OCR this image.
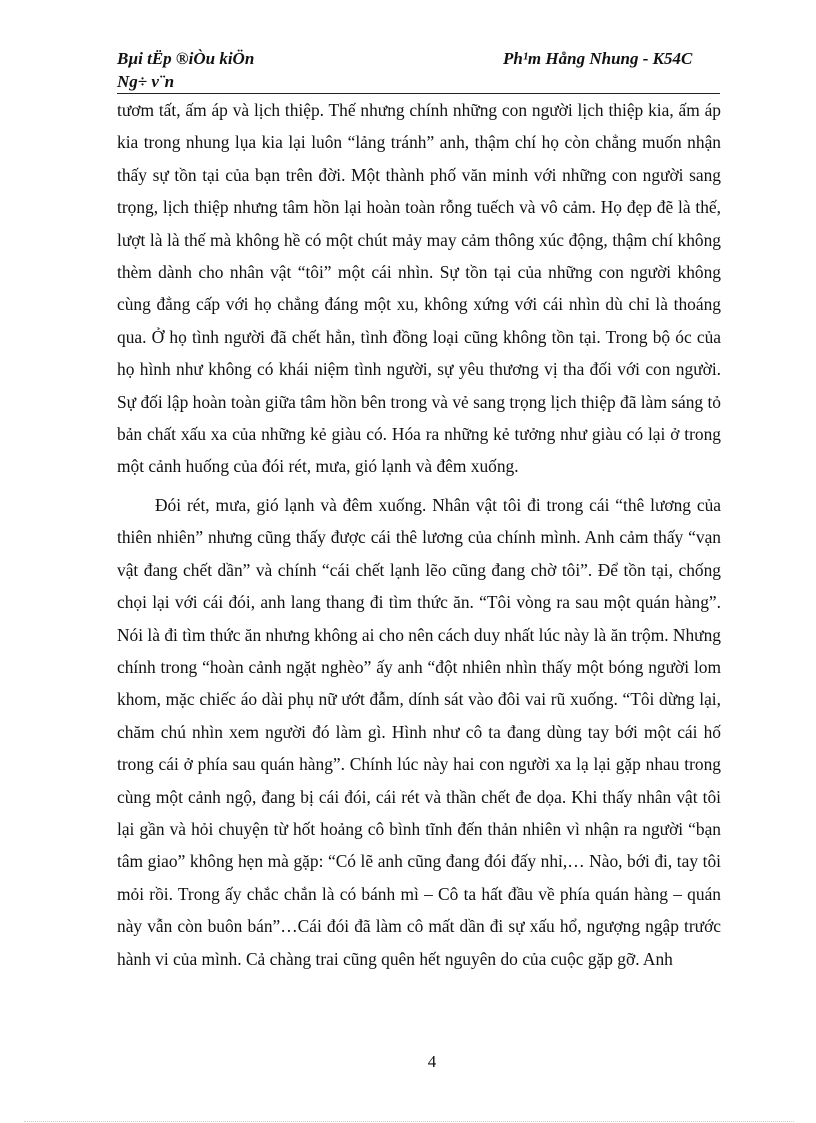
Bµi tËp ®iÒu kiÖn	Ph¹m Hång Nhung - K54C
Ng÷ v¨n

tươm tất, ấm áp và lịch thiệp. Thế nhưng chính những con người lịch thiệp kia, ấm áp kia trong nhung lụa kia lại luôn “lảng tránh” anh, thậm chí họ còn chẳng muốn nhận thấy sự tồn tại của bạn trên đời. Một thành phố văn minh với những con người sang trọng, lịch thiệp nhưng tâm hồn lại hoàn toàn rỗng tuếch và vô cảm. Họ đẹp đẽ là thế, lượt là là thế mà không hề có một chút mảy may cảm thông xúc động, thậm chí không thèm dành cho nhân vật “tôi” một cái nhìn. Sự tồn tại của những con người không cùng đẳng cấp với họ chẳng đáng một xu, không xứng với cái nhìn dù chỉ là thoáng qua. Ở họ tình người đã chết hẳn, tình đồng loại cũng không tồn tại. Trong bộ óc của họ hình như không có khái niệm tình người, sự yêu thương vị tha đối với con người. Sự đối lập hoàn toàn giữa tâm hồn bên trong và vẻ sang trọng lịch thiệp đã làm sáng tỏ bản chất xấu xa của những kẻ giàu có. Hóa ra những kẻ tưởng như giàu có lại ở trong một cảnh huống của đói rét, mưa, gió lạnh và đêm xuống.

Đói rét, mưa, gió lạnh và đêm xuống. Nhân vật tôi đi trong cái “thê lương của thiên nhiên” nhưng cũng thấy được cái thê lương của chính mình. Anh cảm thấy “vạn vật đang chết dần” và chính “cái chết lạnh lẽo cũng đang chờ tôi”. Để tồn tại, chống chọi lại với cái đói, anh lang thang đi tìm thức ăn. “Tôi vòng ra sau một quán hàng”. Nói là đi tìm thức ăn nhưng không ai cho nên cách duy nhất lúc này là ăn trộm. Nhưng chính trong “hoàn cảnh ngặt nghèo” ấy anh “đột nhiên nhìn thấy một bóng người lom khom, mặc chiếc áo dài phụ nữ ướt đẫm, dính sát vào đôi vai rũ xuống. “Tôi dừng lại, chăm chú nhìn xem người đó làm gì. Hình như cô ta đang dùng tay bới một cái hố trong cái ở phía sau quán hàng”. Chính lúc này hai con người xa lạ lại gặp nhau trong cùng một cảnh ngộ, đang bị cái đói, cái rét và thần chết đe dọa. Khi thấy nhân vật tôi lại gần và hỏi chuyện từ hốt hoảng cô bình tĩnh đến thản nhiên vì nhận ra người “bạn tâm giao” không hẹn mà gặp: “Có lẽ anh cũng đang đói đấy nhỉ,… Nào, bới đi, tay tôi mỏi rồi. Trong ấy chắc chắn là có bánh mì – Cô ta hất đầu về phía quán hàng – quán này vẫn còn buôn bán”…Cái đói đã làm cô mất dần đi sự xấu hổ, ngượng ngập trước hành vi của mình. Cả chàng trai cũng quên hết nguyên do của cuộc gặp gỡ. Anh

4
